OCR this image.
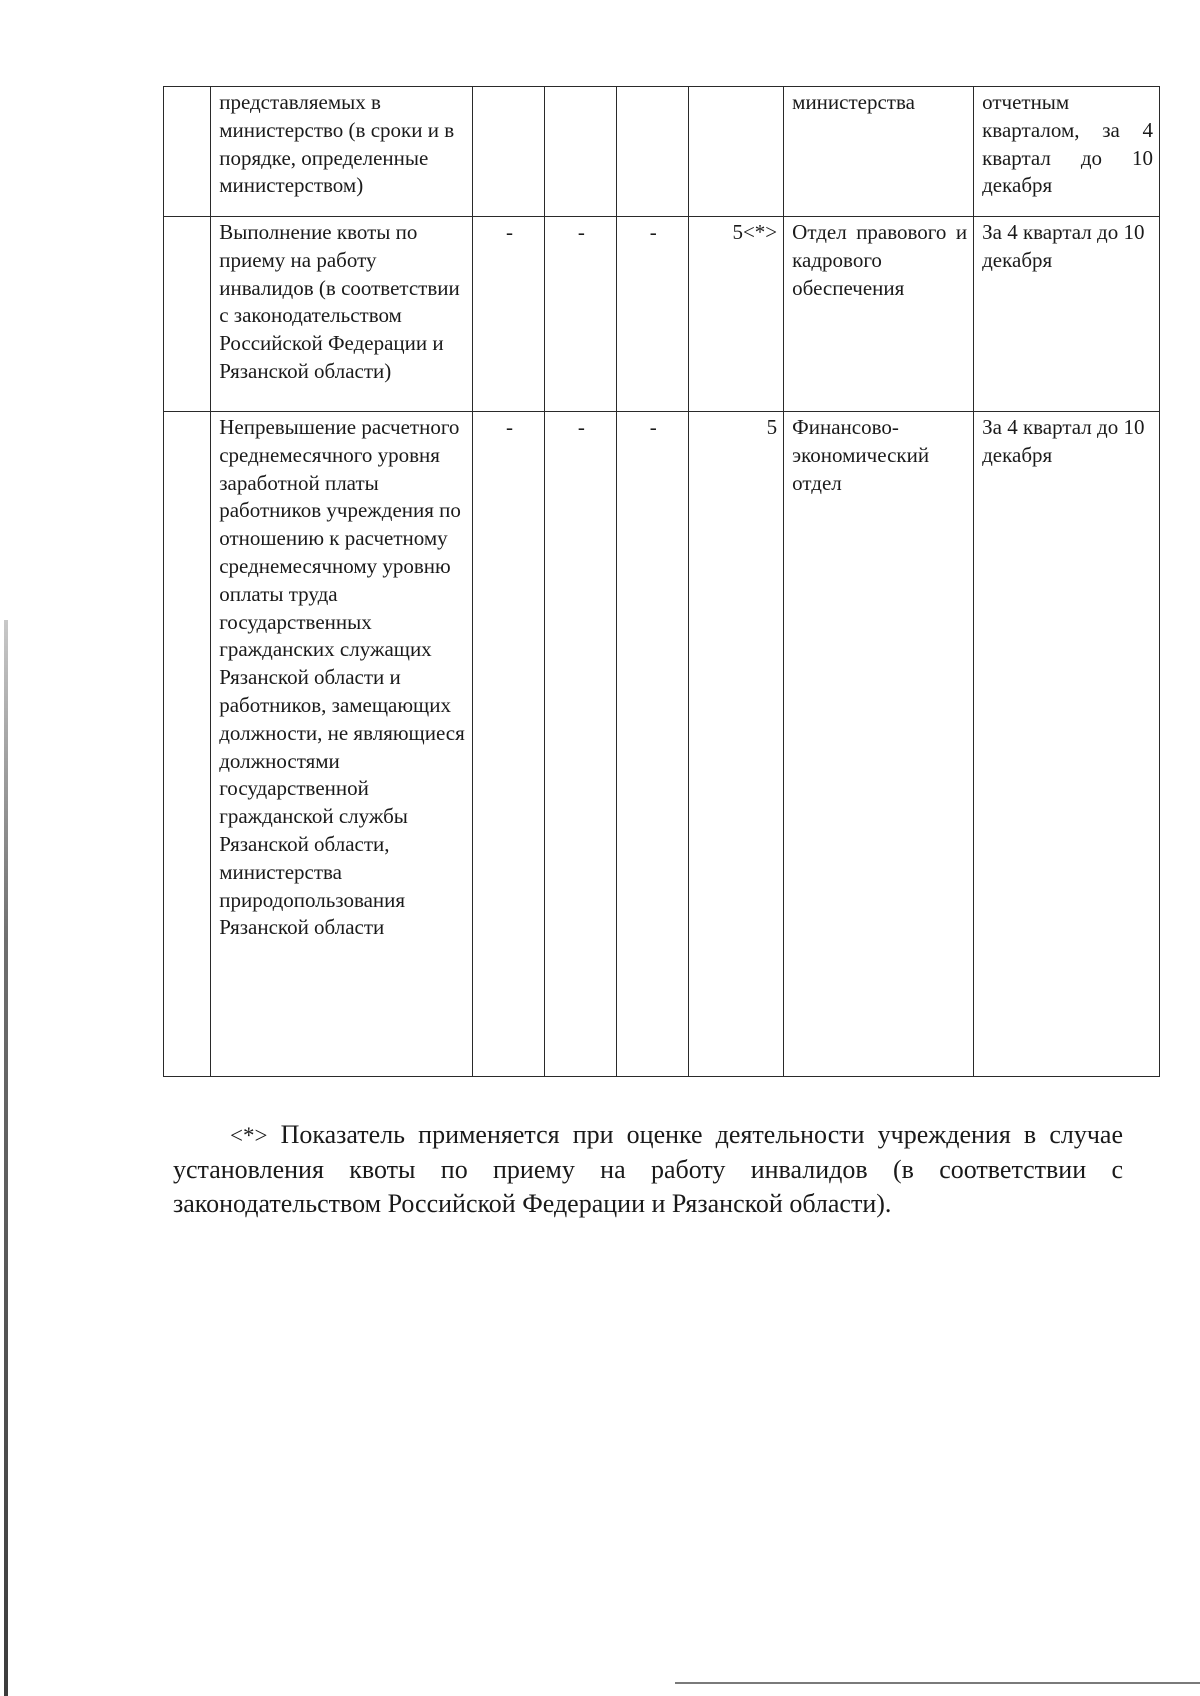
	представляемых в министерство (в сроки и в порядке, определенные министерством)					министерства	отчетным кварталом, за 4 квартал до 10 декабря
	Выполнение квоты по приему на работу инвалидов (в соответствии с законодательством Российской Федерации и Рязанской области)	-	-	-	5<*>	Отдел правового и кадрового обеспечения	За 4 квартал до 10 декабря
	Непревышение расчетного среднемесячного уровня заработной платы работников учреждения по отношению к расчетному среднемесячному уровню оплаты труда государственных гражданских служащих Рязанской области и работников, замещающих должности, не являющиеся должностями государственной гражданской службы Рязанской области, министерства природопользования Рязанской области	-	-	-	5	Финансово-экономический отдел	За 4 квартал до 10 декабря

<*> Показатель применяется при оценке деятельности учреждения в случае установления квоты по приему на работу инвалидов (в соответствии с законодательством Российской Федерации и Рязанской области).
